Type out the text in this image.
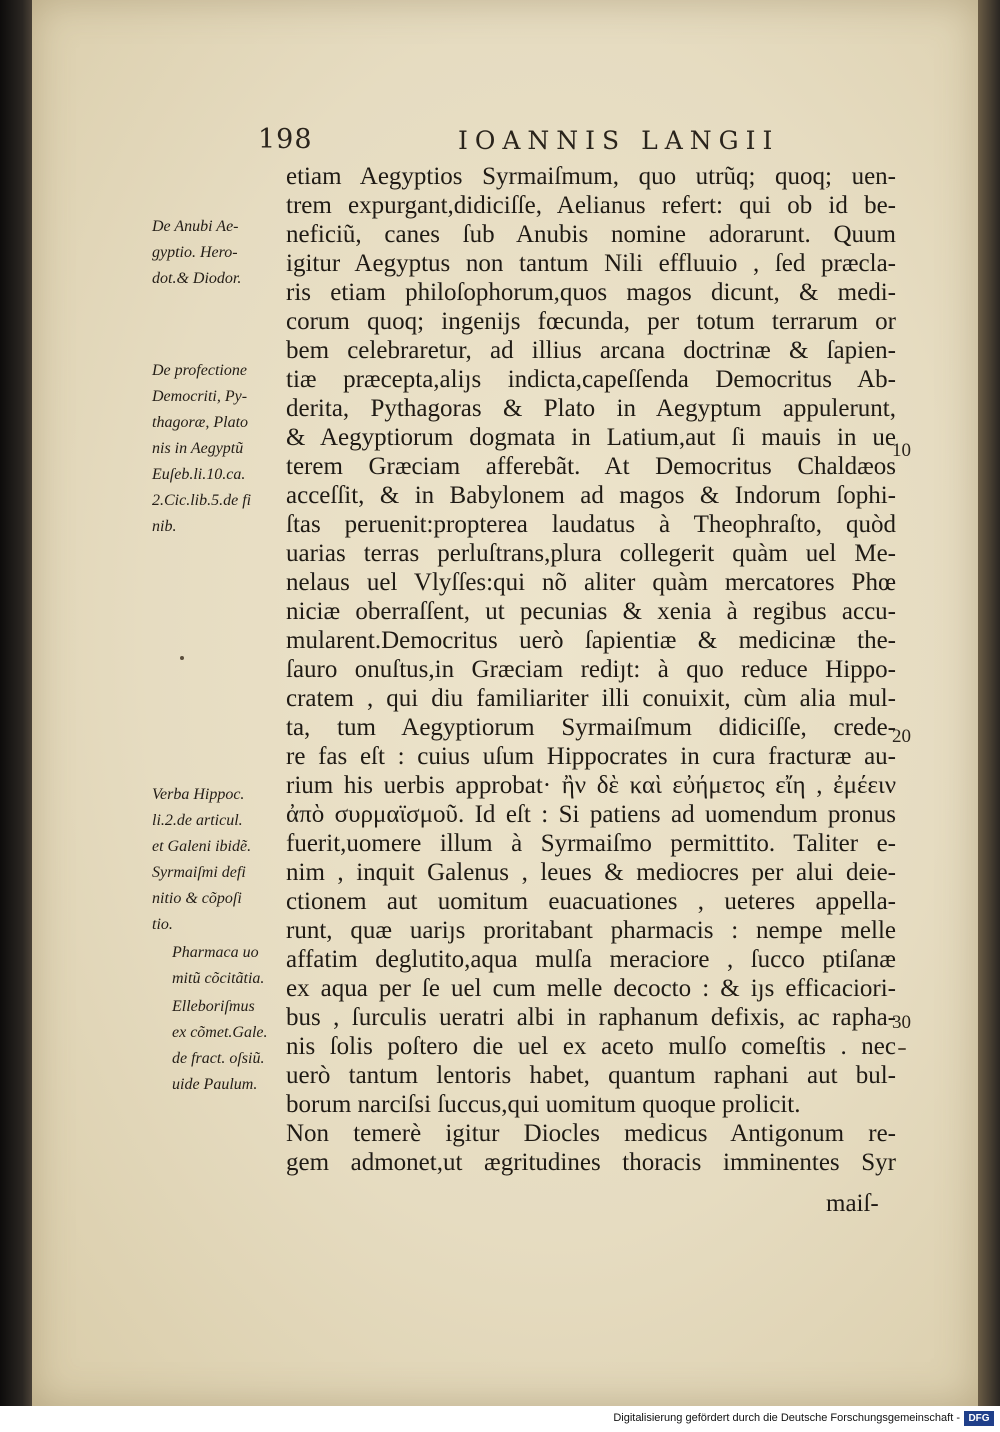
198	IOANNIS LANGII
etiam Aegyptios Syrmaiſmum, quo utrũq; quoq; uen-
trem expurgant,didiciſſe, Aelianus refert: qui ob id be-
neficiũ, canes ſub Anubis nomine adorarunt. Quum
igitur Aegyptus non tantum Nili effluuio , ſed præcla-
ris etiam philoſophorum,quos magos dicunt, & medi-
corum quoq; ingenijs fœcunda, per totum terrarum or
bem celebraretur, ad illius arcana doctrinæ & ſapien-
tiæ præcepta,aliȷs indicta,capeſſenda Democritus Ab-
derita, Pythagoras & Plato in Aegyptum appulerunt,
& Aegyptiorum dogmata in Latium,aut ſi mauis in ue
terem Græciam afferebãt. At Democritus Chaldæos
acceſſit, & in Babylonem ad magos & Indorum ſophi-
ſtas peruenit:propterea laudatus à Theophraſto, quòd
uarias terras perluſtrans,plura collegerit quàm uel Me-
nelaus uel Vlyſſes:qui nõ aliter quàm mercatores Phœ
niciæ oberraſſent, ut pecunias & xenia à regibus accu-
mularent.Democritus uerò ſapientiæ & medicinæ the-
ſauro onuſtus,in Græciam rediȷt: à quo reduce Hippo-
cratem , qui diu familiariter illi conuixit, cùm alia mul-
ta, tum Aegyptiorum Syrmaiſmum didiciſſe, crede-
re fas eſt : cuius uſum Hippocrates in cura fracturæ au-
rium his uerbis approbat· ἢν δὲ καὶ εὐήμετος εἴη , ἐμέειν
ἀπὸ συρμαϊσμοῦ. Id eſt : Si patiens ad uomendum pronus
fuerit,uomere illum à Syrmaiſmo permittito. Taliter e-
nim , inquit Galenus , leues & mediocres per alui deie-
ctionem aut uomitum euacuationes , ueteres appella-
runt, quæ uariȷs proritabant pharmacis : nempe melle
affatim deglutito,aqua mulſa meraciore , ſucco ptiſanæ
ex aqua per ſe uel cum melle decocto : & iȷs efficaciori-
bus , ſurculis ueratri albi in raphanum defixis, ac rapha-
nis ſolis poſtero die uel ex aceto mulſo comeſtis . nec
uerò tantum lentoris habet, quantum raphani aut bul-
borum narciſsi ſuccus,qui uomitum quoque prolicit.
Non temerè igitur Diocles medicus Antigonum re-
gem admonet,ut ægritudines thoracis imminentes Syr
maiſ-
De Anubi Ae-
gyptio. Hero-
dot.& Diodor.
De profectione
Democriti, Py-
thagoræ, Plato
nis in Aegyptũ
Euſeb.li.10.ca.
2.Cic.lib.5.de fi
nib.
Verba Hippoc.
li.2.de articul.
et Galeni ibidẽ.
Syrmaiſmi defi
nitio & cõpoſi
tio.
Pharmaca uo
mitũ cõcitãtia.
Elleboriſmus
ex cõmet.Gale.
de fract. oſsiũ.
uide Paulum.
10
20
30
Digitalisierung gefördert durch die Deutsche Forschungsgemeinschaft - DFG
